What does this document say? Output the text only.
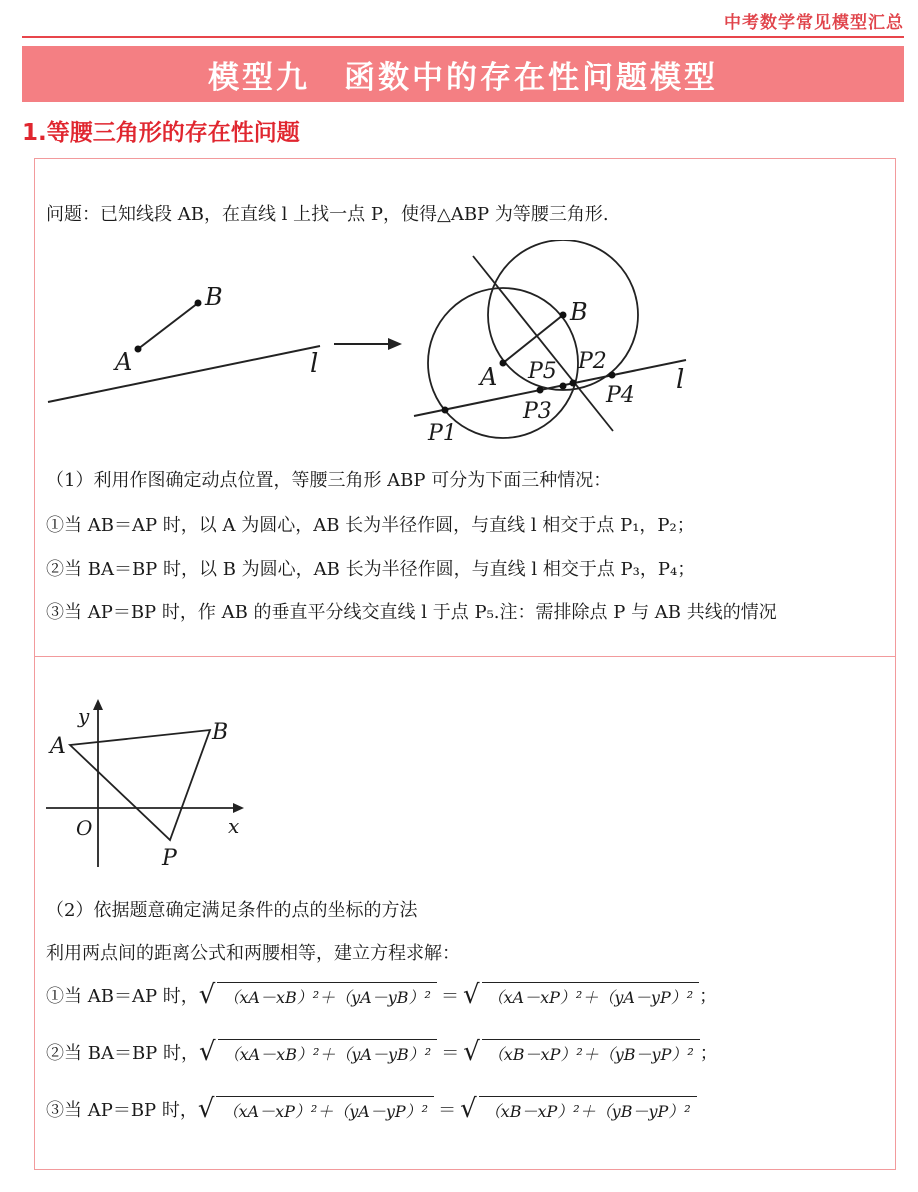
中考数学常见模型汇总
模型九　函数中的存在性问题模型
1.等腰三角形的存在性问题
问题：已知线段 AB，在直线 l 上找一点 P，使得△ABP 为等腰三角形.
A
B
l	A
B
l
P1
P2
P3
P4
P5
（1）利用作图确定动点位置，等腰三角形 ABP 可分为下面三种情况：
①当 AB＝AP 时，以 A 为圆心，AB 长为半径作圆，与直线 l 相交于点 P₁，P₂；
②当 BA＝BP 时，以 B 为圆心，AB 长为半径作圆，与直线 l 相交于点 P₃，P₄；
③当 AP＝BP 时，作 AB 的垂直平分线交直线 l 于点 P₅.注：需排除点 P 与 AB 共线的情况
y
x
O
A
B
P
（2）依据题意确定满足条件的点的坐标的方法
利用两点间的距离公式和两腰相等，建立方程求解：
①当 AB＝AP 时， √ （xA－xB）²＋（yA－yB）² ＝ √ （xA－xP）²＋（yA－yP）² ；
②当 BA＝BP 时， √ （xA－xB）²＋（yA－yB）² ＝ √ （xB－xP）²＋（yB－yP）² ；
③当 AP＝BP 时， √ （xA－xP）²＋（yA－yP）² ＝ √ （xB－xP）²＋（yB－yP）²
